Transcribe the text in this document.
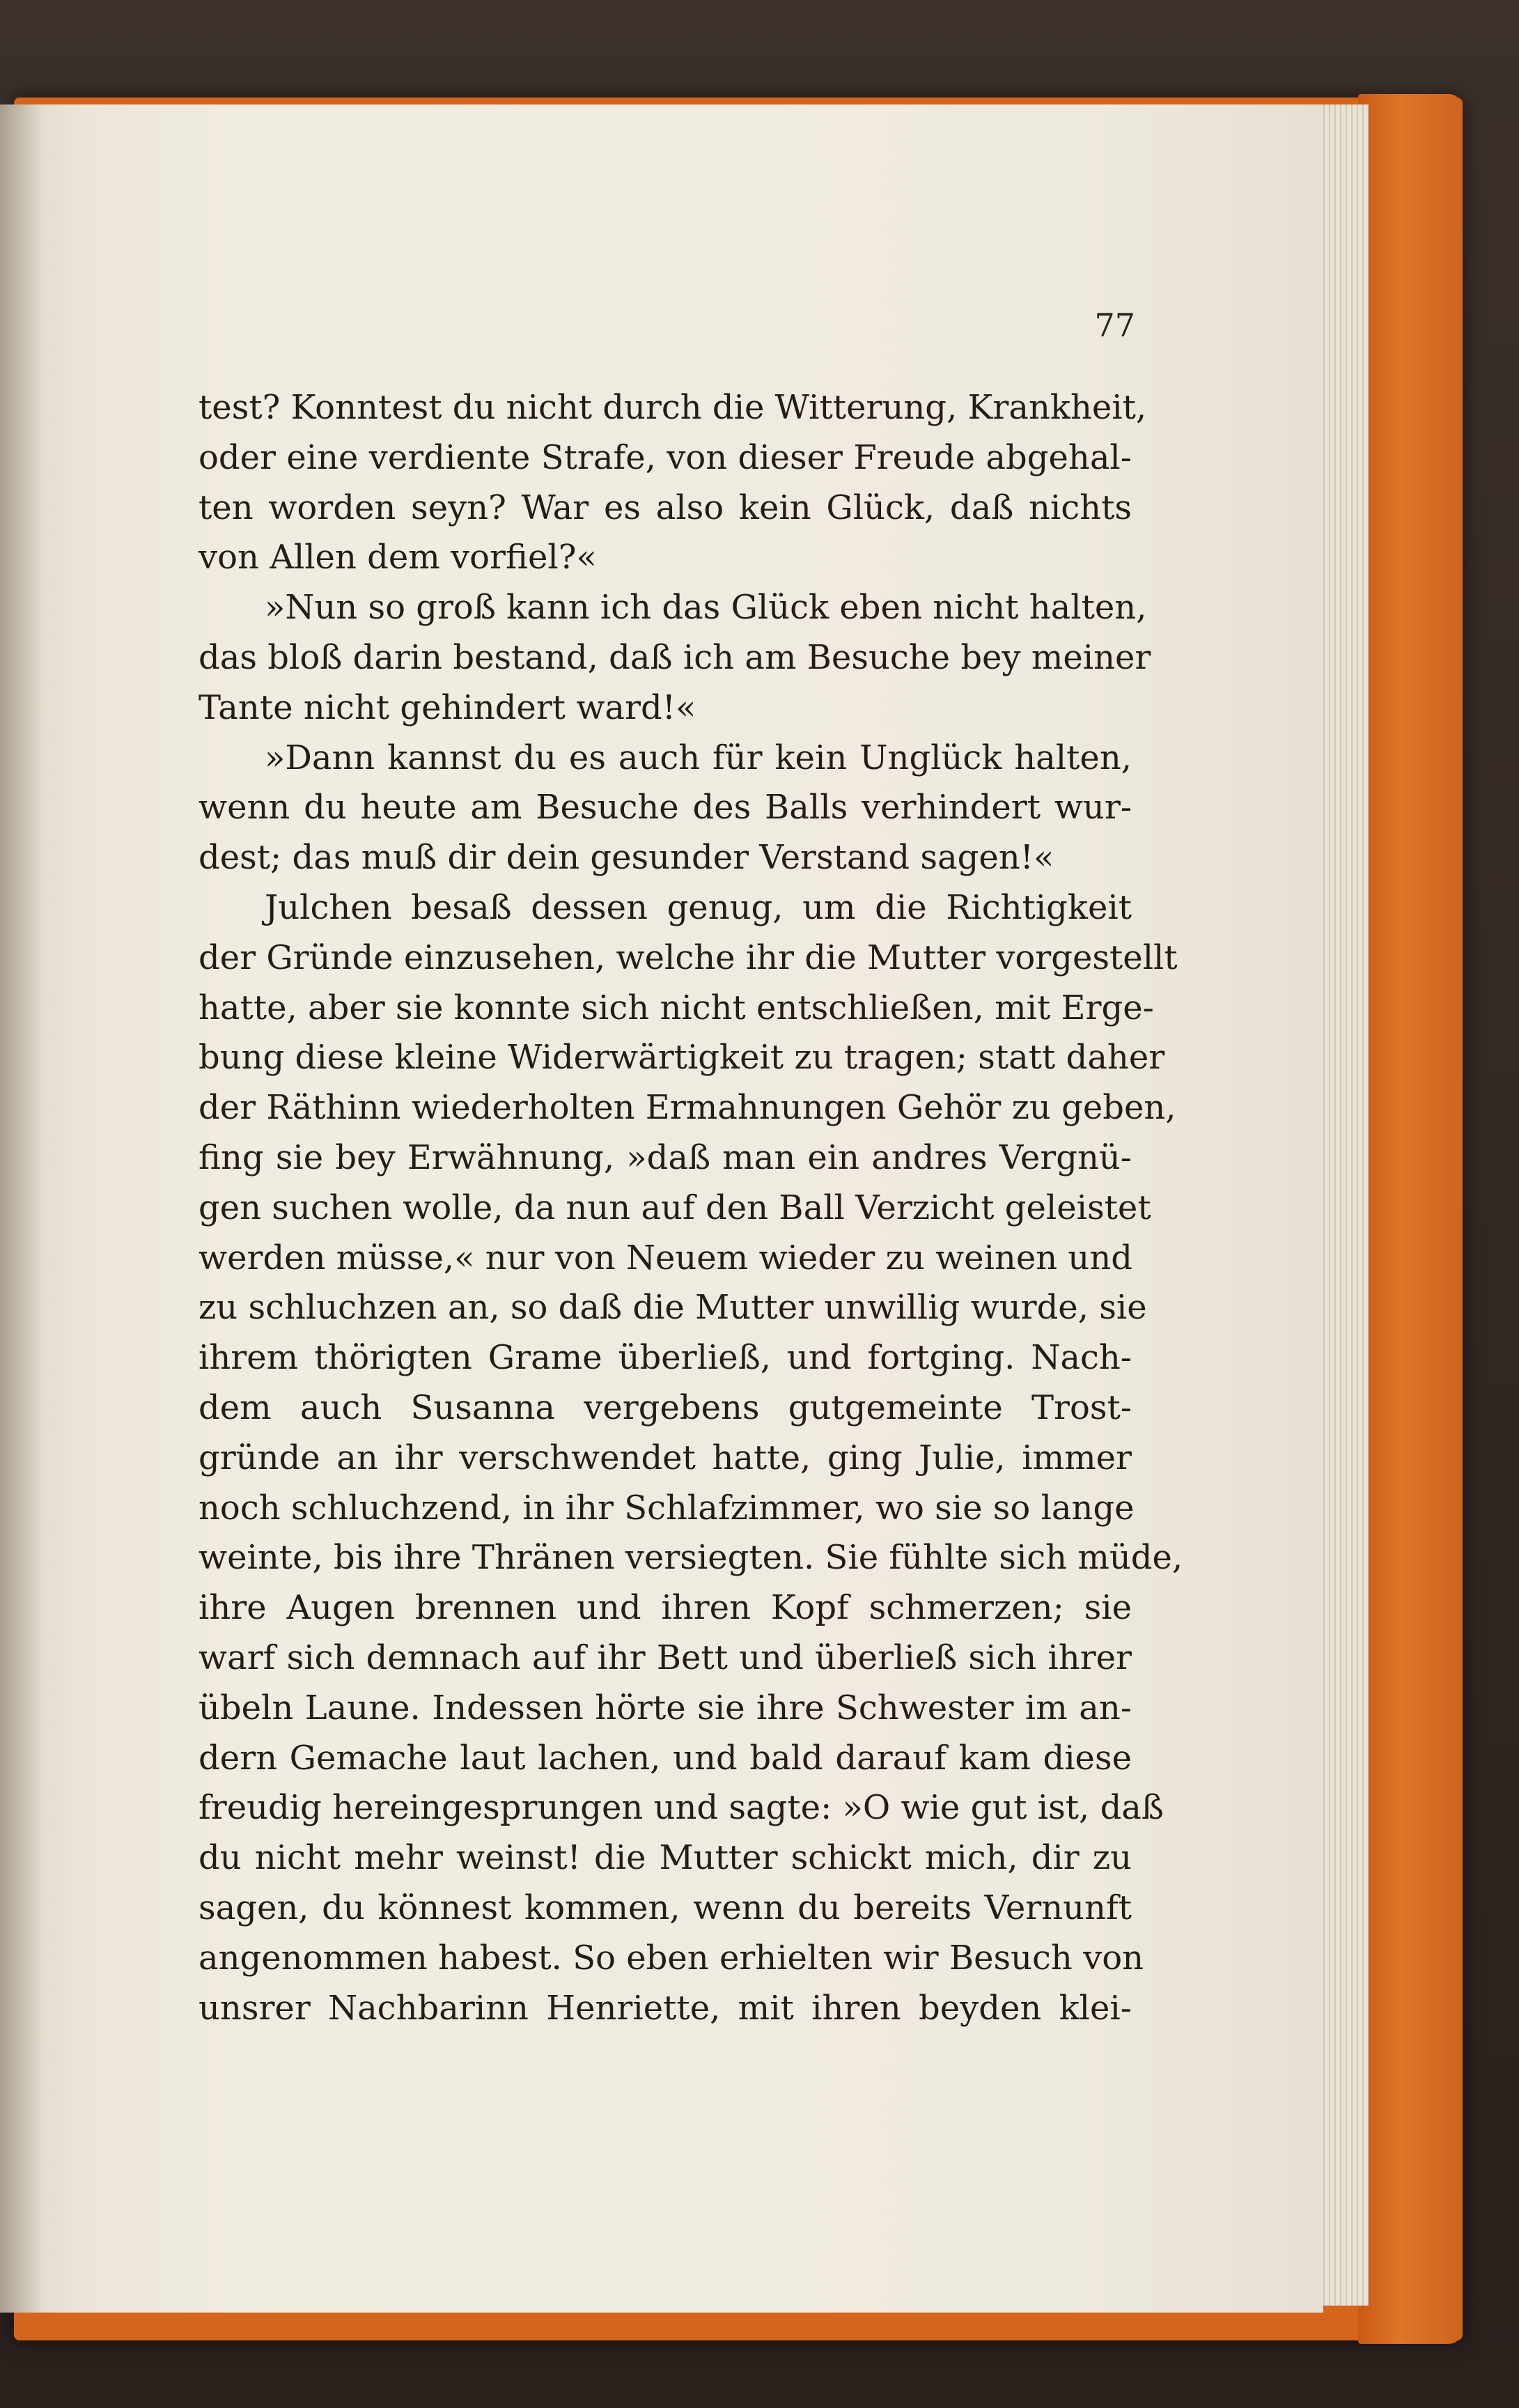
77
test? Konntest du nicht durch die Witterung, Krankheit,
oder eine verdiente Strafe, von dieser Freude abgehal-
ten worden seyn? War es also kein Glück, daß nichts
von Allen dem vorfiel?«
»Nun so groß kann ich das Glück eben nicht halten,
das bloß darin bestand, daß ich am Besuche bey meiner
Tante nicht gehindert ward!«
»Dann kannst du es auch für kein Unglück halten,
wenn du heute am Besuche des Balls verhindert wur-
dest; das muß dir dein gesunder Verstand sagen!«
Julchen besaß dessen genug, um die Richtigkeit
der Gründe einzusehen, welche ihr die Mutter vorgestellt
hatte, aber sie konnte sich nicht entschließen, mit Erge-
bung diese kleine Widerwärtigkeit zu tragen; statt daher
der Räthinn wiederholten Ermahnungen Gehör zu geben,
fing sie bey Erwähnung, »daß man ein andres Vergnü-
gen suchen wolle, da nun auf den Ball Verzicht geleistet
werden müsse,« nur von Neuem wieder zu weinen und
zu schluchzen an, so daß die Mutter unwillig wurde, sie
ihrem thörigten Grame überließ, und fortging. Nach-
dem auch Susanna vergebens gutgemeinte Trost-
gründe an ihr verschwendet hatte, ging Julie, immer
noch schluchzend, in ihr Schlafzimmer, wo sie so lange
weinte, bis ihre Thränen versiegten. Sie fühlte sich müde,
ihre Augen brennen und ihren Kopf schmerzen; sie
warf sich demnach auf ihr Bett und überließ sich ihrer
übeln Laune. Indessen hörte sie ihre Schwester im an-
dern Gemache laut lachen, und bald darauf kam diese
freudig hereingesprungen und sagte: »O wie gut ist, daß
du nicht mehr weinst! die Mutter schickt mich, dir zu
sagen, du könnest kommen, wenn du bereits Vernunft
angenommen habest. So eben erhielten wir Besuch von
unsrer Nachbarinn Henriette, mit ihren beyden klei-
